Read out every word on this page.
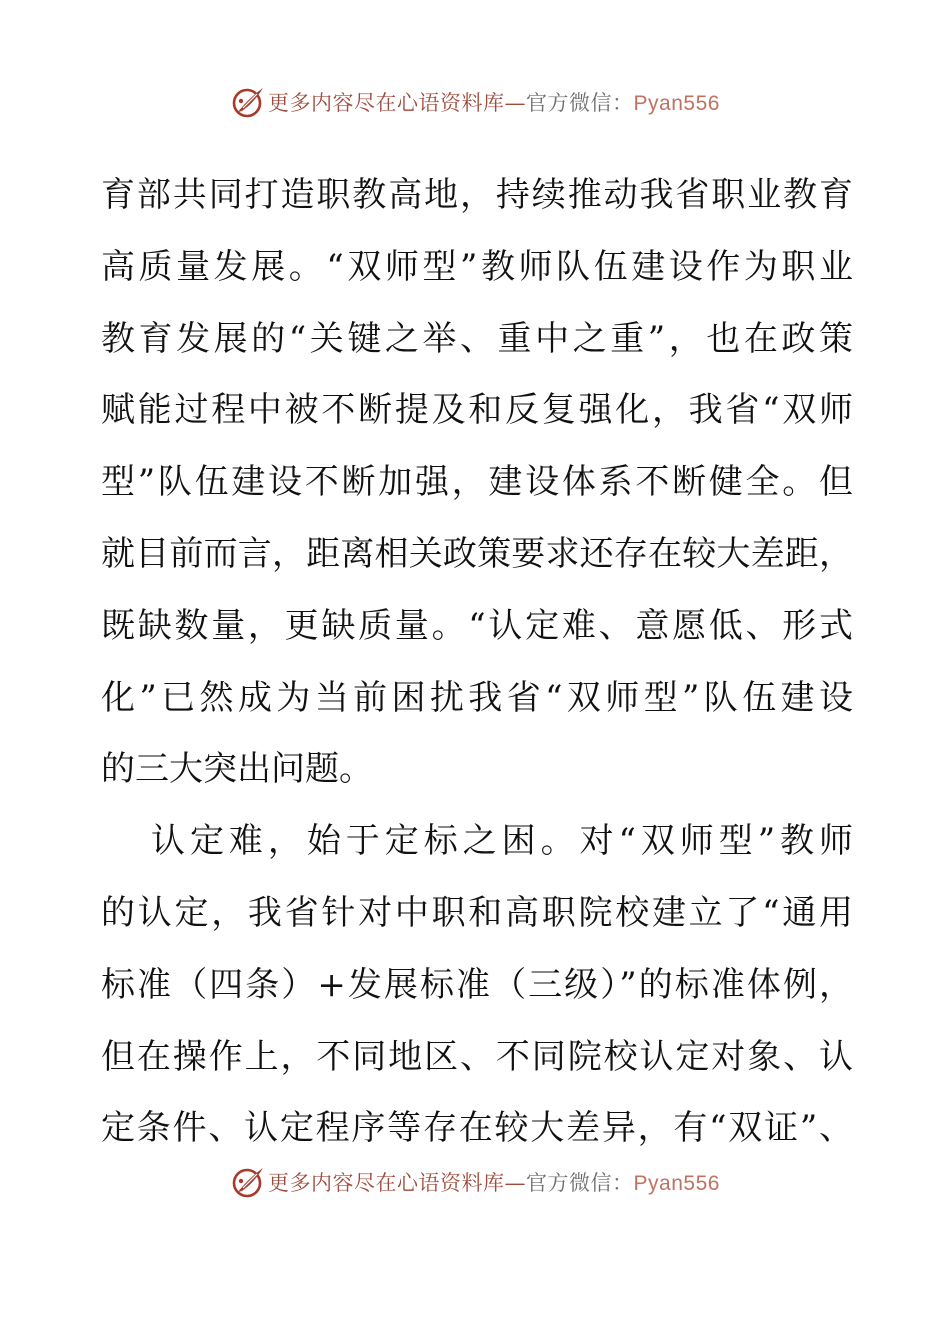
更多内容尽在心语资料库—官方微信：Pyan556
育部共同打造职教高地，持续推动我省职业教育
高质量发展。“双师型”教师队伍建设作为职业
教育发展的“关键之举、重中之重”，也在政策
赋能过程中被不断提及和反复强化，我省“双师
型”队伍建设不断加强，建设体系不断健全。但
就目前而言，距离相关政策要求还存在较大差距，
既缺数量，更缺质量。“认定难、意愿低、形式
化”已然成为当前困扰我省“双师型”队伍建设
的三大突出问题。
认定难，始于定标之困。对“双师型”教师
的认定，我省针对中职和高职院校建立了“通用
标准（四条）+发展标准（三级）”的标准体例，
但在操作上，不同地区、不同院校认定对象、认
定条件、认定程序等存在较大差异，有“双证”、
更多内容尽在心语资料库—官方微信：Pyan556
